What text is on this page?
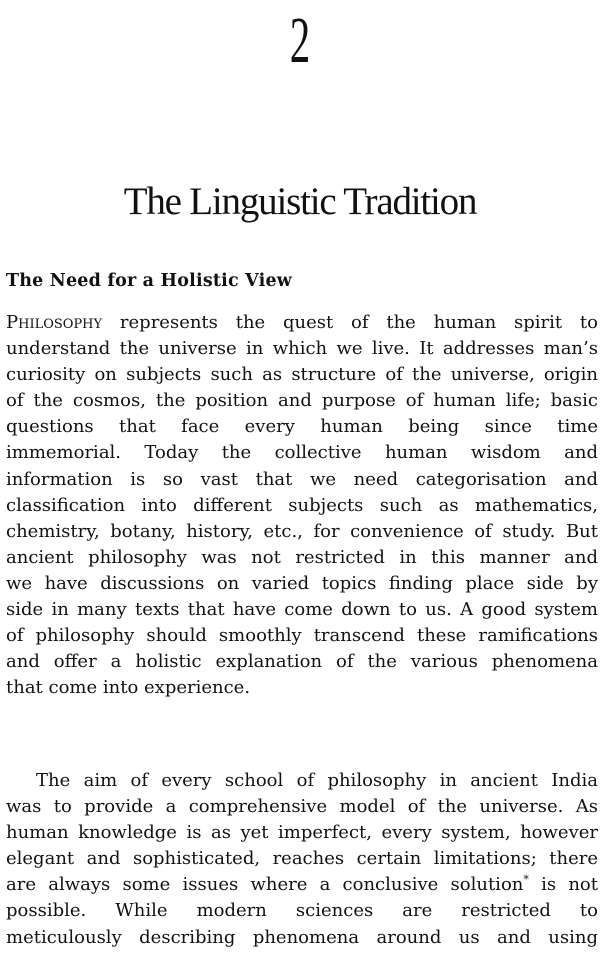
2
The Linguistic Tradition
The Need for a Holistic View
Philosophy represents the quest of the human spirit to
understand the universe in which we live. It addresses man’s
curiosity on subjects such as structure of the universe, origin
of the cosmos, the position and purpose of human life; basic
questions that face every human being since time
immemorial. Today the collective human wisdom and
information is so vast that we need categorisation and
classification into different subjects such as mathematics,
chemistry, botany, history, etc., for convenience of study. But
ancient philosophy was not restricted in this manner and
we have discussions on varied topics finding place side by
side in many texts that have come down to us. A good system
of philosophy should smoothly transcend these ramifications
and offer a holistic explanation of the various phenomena
that come into experience.
The aim of every school of philosophy in ancient India
was to provide a comprehensive model of the universe. As
human knowledge is as yet imperfect, every system, however
elegant and sophisticated, reaches certain limitations; there
are always some issues where a conclusive solution* is not
possible. While modern sciences are restricted to
meticulously describing phenomena around us and using
